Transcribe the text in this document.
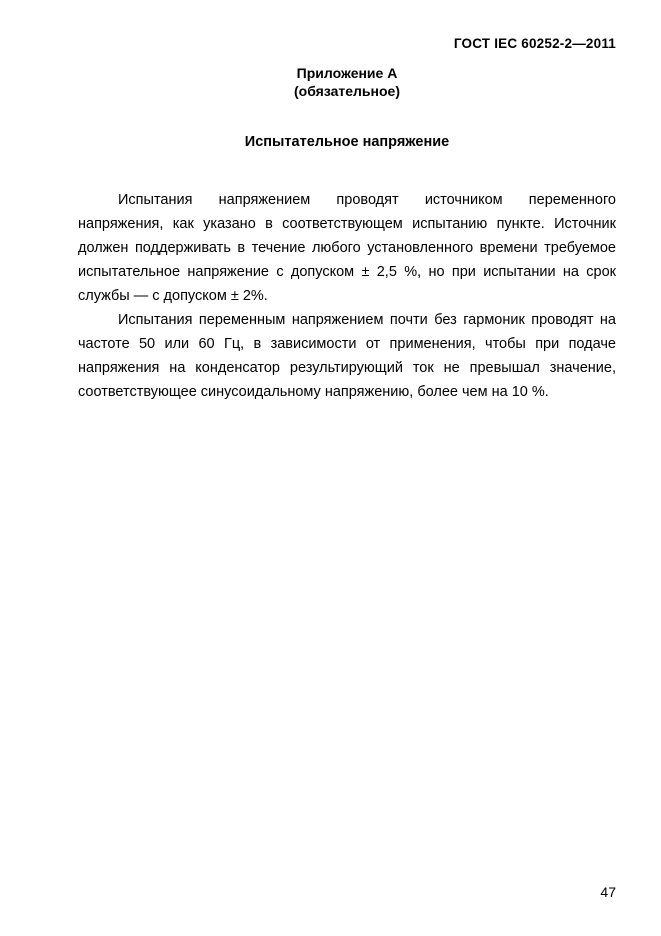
ГОСТ IEC 60252-2—2011
Приложение А
(обязательное)
Испытательное напряжение

Испытания напряжением проводят источником переменного напряжения, как указано в соответствующем испытанию пункте. Источник должен поддерживать в течение любого установленного времени требуемое испытательное напряжение с допуском ± 2,5 %, но при испытании на срок службы — с допуском ± 2%.

Испытания переменным напряжением почти без гармоник проводят на частоте 50 или 60 Гц, в зависимости от применения, чтобы при подаче напряжения на конденсатор результирующий ток не превышал значение, соответствующее синусоидальному напряжению, более чем на 10 %.

47
